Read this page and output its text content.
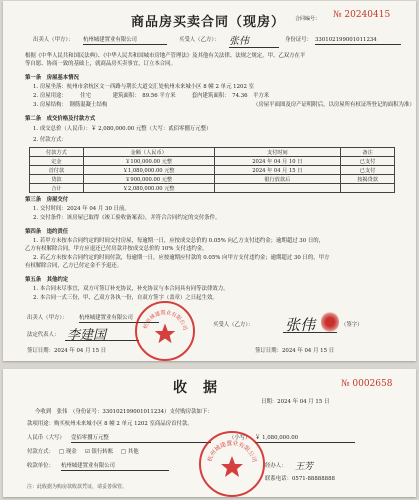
商品房买卖合同（现房） 合同编号： № 20240415
出卖人（甲方）： 杭州城建置业有限公司	买受人（乙方）： 张伟	身份证号： 330102199001011234
根据《中华人民共和国民法典》、《中华人民共和国城市房地产管理法》及其他有关法律、法规之规定，甲、乙双方在平
等自愿、协商一致的基础上，就商品房买卖事宜，订立本合同。
第一条　房屋基本情况
1. 房屋坐落：杭州市余杭区文一西路与荆长大道交汇处杭州未来城小区 8 幢 2 单元 1202 室
2. 房屋用途：　　　住宅　　　　建筑面积：　89.56 平方米　　　套内建筑面积：　74.36　平方米
3. 房屋结构：　钢筋混凝土结构	（房屋平面图及房产证明附后，以房屋所有权证所登记的面积为准）
第二条　成交价格及付款方式
1. 成交总价（人民币）：￥ 2,080,000.00 元整（大写：贰佰零捌万元整）
2. 付款方式：
付款方式	金额（人民币）	支付时间	备注
定金	￥100,000.00 元整	2024 年 04 月 10 日	已支付
首付款	￥1,080,000.00 元整	2024 年 04 月 15 日	已支付
贷款	￥900,000.00 元整	银行放款后	按揭贷款
合计	￥2,080,000.00 元整		
第三条　房屋交付
1. 交付时间：2024 年 04 月 30 日前。
2. 交付条件：该房屋已取得《竣工验收备案表》，并符合合同约定的交付条件。
第四条　违约责任
1. 若甲方未按本合同约定的时间交付房屋，每逾期一日，应按成交总价的 0.05% 向乙方支付违约金；逾期超过 30 日的，
乙方有权解除合同，甲方应退还已付房款并按成交总价的 10% 支付违约金。
2. 若乙方未按本合同约定的时间付款，每逾期一日，应按逾期应付款的 0.05% 向甲方支付违约金；逾期超过 30 日的，甲方
有权解除合同，乙方已付定金不予退还。
第五条　其他约定
1. 本合同未尽事宜，双方可签订补充协议，补充协议与本合同具有同等法律效力。
2. 本合同一式三份，甲、乙双方各执一份，自双方签字（盖章）之日起生效。
出卖人（甲方）： 杭州城建置业有限公司
法定代表人： 李建国
杭州城建置业有限公司	买受人（乙方）： 张伟	（签字）
签订日期：2024 年 04 月 15 日	签订日期：2024 年 04 月 15 日
收　据	№ 0002658
日期：2024 年 04 月 15 日
今收到　张伟　（身份证号：330102199001011234）支付购房款如下：
款项用途：购买杭州未来城小区 8 幢 2 单元 1202 室商品房首付款。
人民币（大写） 壹佰零捌万元整	（小写） ￥ 1,080,000.00
付款方式： □ 现金 ☑ 银行转账 □ 其他
收款单位： 杭州城建置业有限公司	经办人： 王芳
联系电话：0571-88888888
注：此收据为购房款收款凭证，请妥善保管。
杭州城建置业有限公司
